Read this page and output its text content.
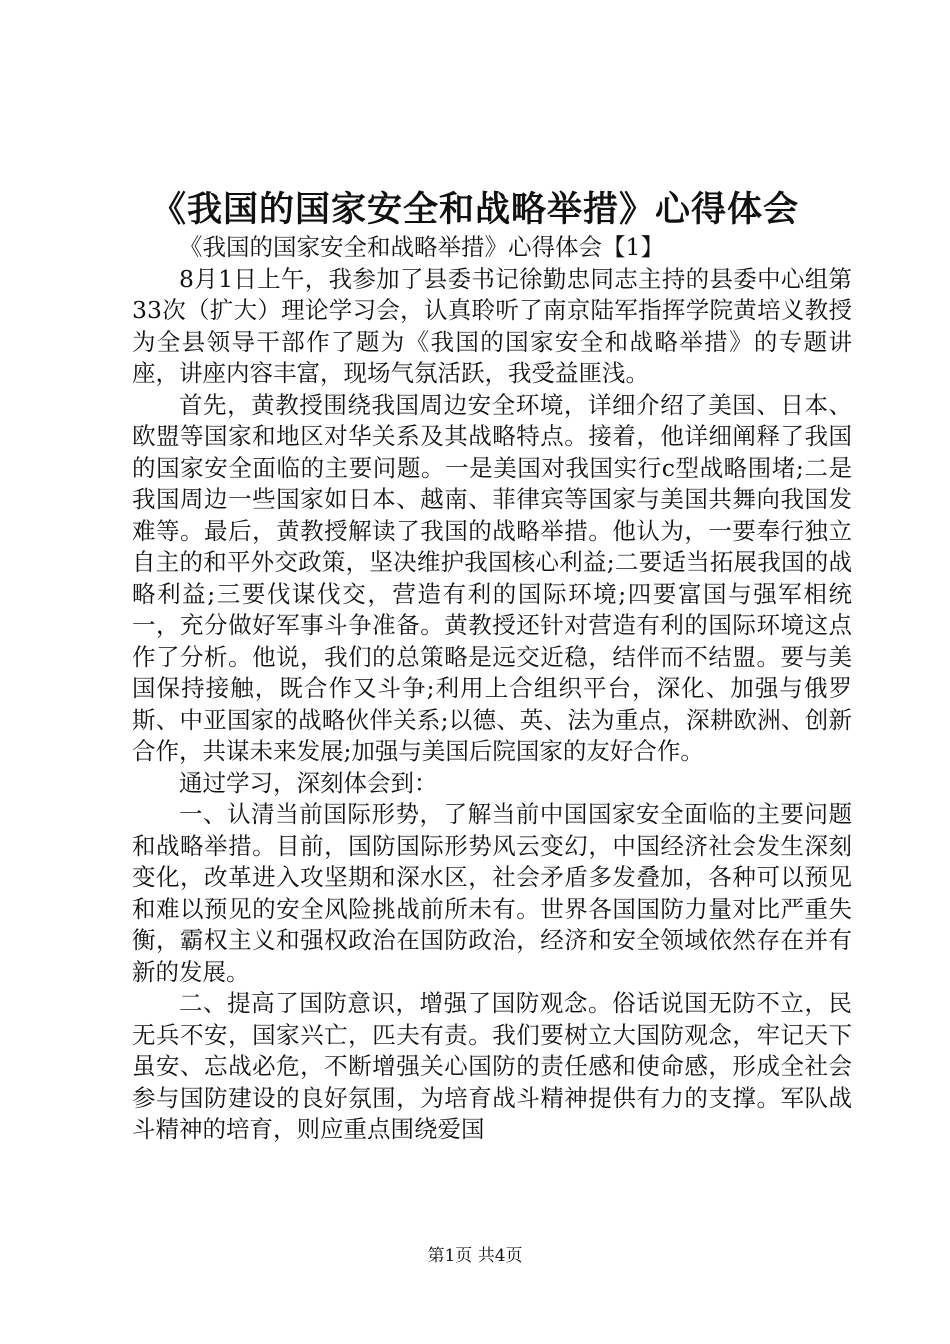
《我国的国家安全和战略举措》心得体会

《我国的国家安全和战略举措》心得体会【1】

8月1日上午，我参加了县委书记徐勤忠同志主持的县委中心组第33次（扩大）理论学习会，认真聆听了南京陆军指挥学院黄培义教授为全县领导干部作了题为《我国的国家安全和战略举措》的专题讲座，讲座内容丰富，现场气氛活跃，我受益匪浅。

首先，黄教授围绕我国周边安全环境，详细介绍了美国、日本、欧盟等国家和地区对华关系及其战略特点。接着，他详细阐释了我国的国家安全面临的主要问题。一是美国对我国实行c型战略围堵;二是我国周边一些国家如日本、越南、菲律宾等国家与美国共舞向我国发难等。最后，黄教授解读了我国的战略举措。他认为，一要奉行独立自主的和平外交政策，坚决维护我国核心利益;二要适当拓展我国的战略利益;三要伐谋伐交，营造有利的国际环境;四要富国与强军相统一，充分做好军事斗争准备。黄教授还针对营造有利的国际环境这点作了分析。他说，我们的总策略是远交近稳，结伴而不结盟。要与美国保持接触，既合作又斗争;利用上合组织平台，深化、加强与俄罗斯、中亚国家的战略伙伴关系;以德、英、法为重点，深耕欧洲、创新合作，共谋未来发展;加强与美国后院国家的友好合作。

通过学习，深刻体会到：

一、认清当前国际形势，了解当前中国国家安全面临的主要问题和战略举措。目前，国防国际形势风云变幻，中国经济社会发生深刻变化，改革进入攻坚期和深水区，社会矛盾多发叠加，各种可以预见和难以预见的安全风险挑战前所未有。世界各国国防力量对比严重失衡，霸权主义和强权政治在国防政治，经济和安全领域依然存在并有新的发展。

二、提高了国防意识，增强了国防观念。俗话说国无防不立，民无兵不安，国家兴亡，匹夫有责。我们要树立大国防观念，牢记天下虽安、忘战必危，不断增强关心国防的责任感和使命感，形成全社会参与国防建设的良好氛围，为培育战斗精神提供有力的支撑。军队战斗精神的培育，则应重点围绕爱国

第1页 共4页
